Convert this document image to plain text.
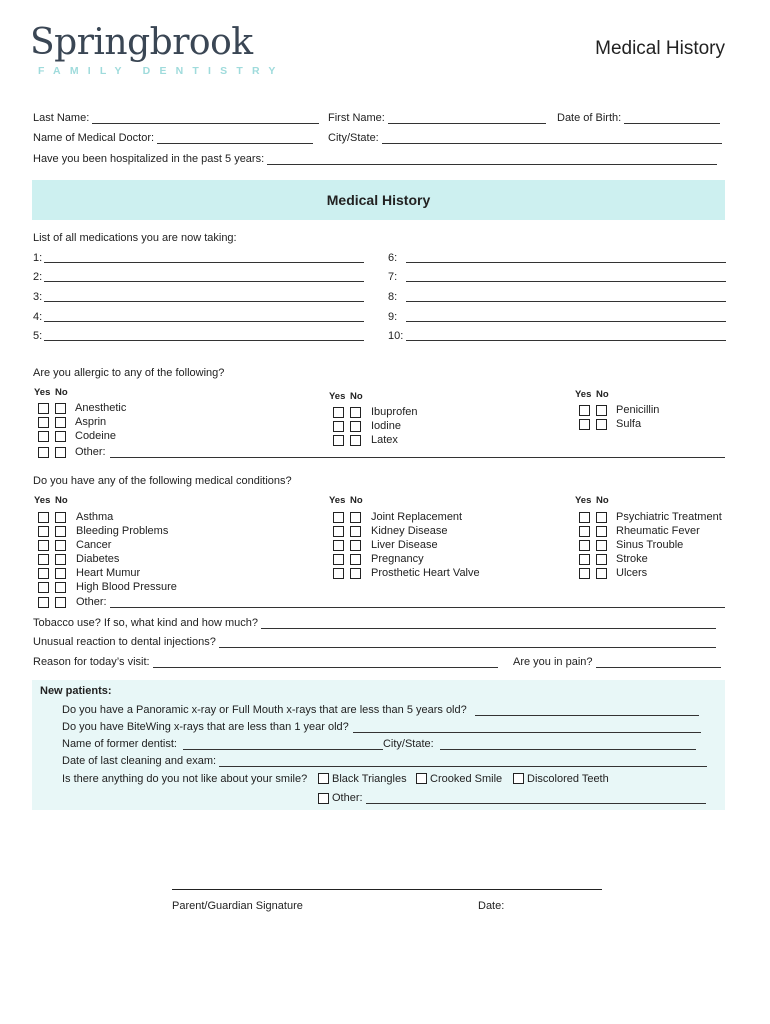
Springbrook
FAMILY DENTISTRY
Medical History
Last Name:	First Name:	Date of Birth:
Name of Medical Doctor:	City/State:
Have you been hospitalized in the past 5 years:
Medical History
List of all medications you are now taking:
1:
2:
3:
4:
5:
6:
7:
8:
9:
10:
Are you allergic to any of the following?
Yes No
Anesthetic
Asprin
Codeine
Yes No
Ibuprofen
Iodine
Latex
Yes No
Penicillin
Sulfa
Other:
Do you have any of the following medical conditions?
Yes No
Asthma
Bleeding Problems
Cancer
Diabetes
Heart Mumur
High Blood Pressure
Yes No
Joint Replacement
Kidney Disease
Liver Disease
Pregnancy
Prosthetic Heart Valve
Yes No
Psychiatric Treatment
Rheumatic Fever
Sinus Trouble
Stroke
Ulcers
Other:
Tobacco use? If so, what kind and how much?
Unusual reaction to dental injections?
Reason for today’s visit:	Are you in pain?
New patients:
Do you have a Panoramic x-ray or Full Mouth x-rays that are less than 5 years old?
Do you have BiteWing x-rays that are less than 1 year old?
Name of former dentist:	City/State:
Date of last cleaning and exam:
Is there anything do you not like about your smile? Black Triangles Crooked Smile Discolored Teeth
Other:
Parent/Guardian Signature	Date:
